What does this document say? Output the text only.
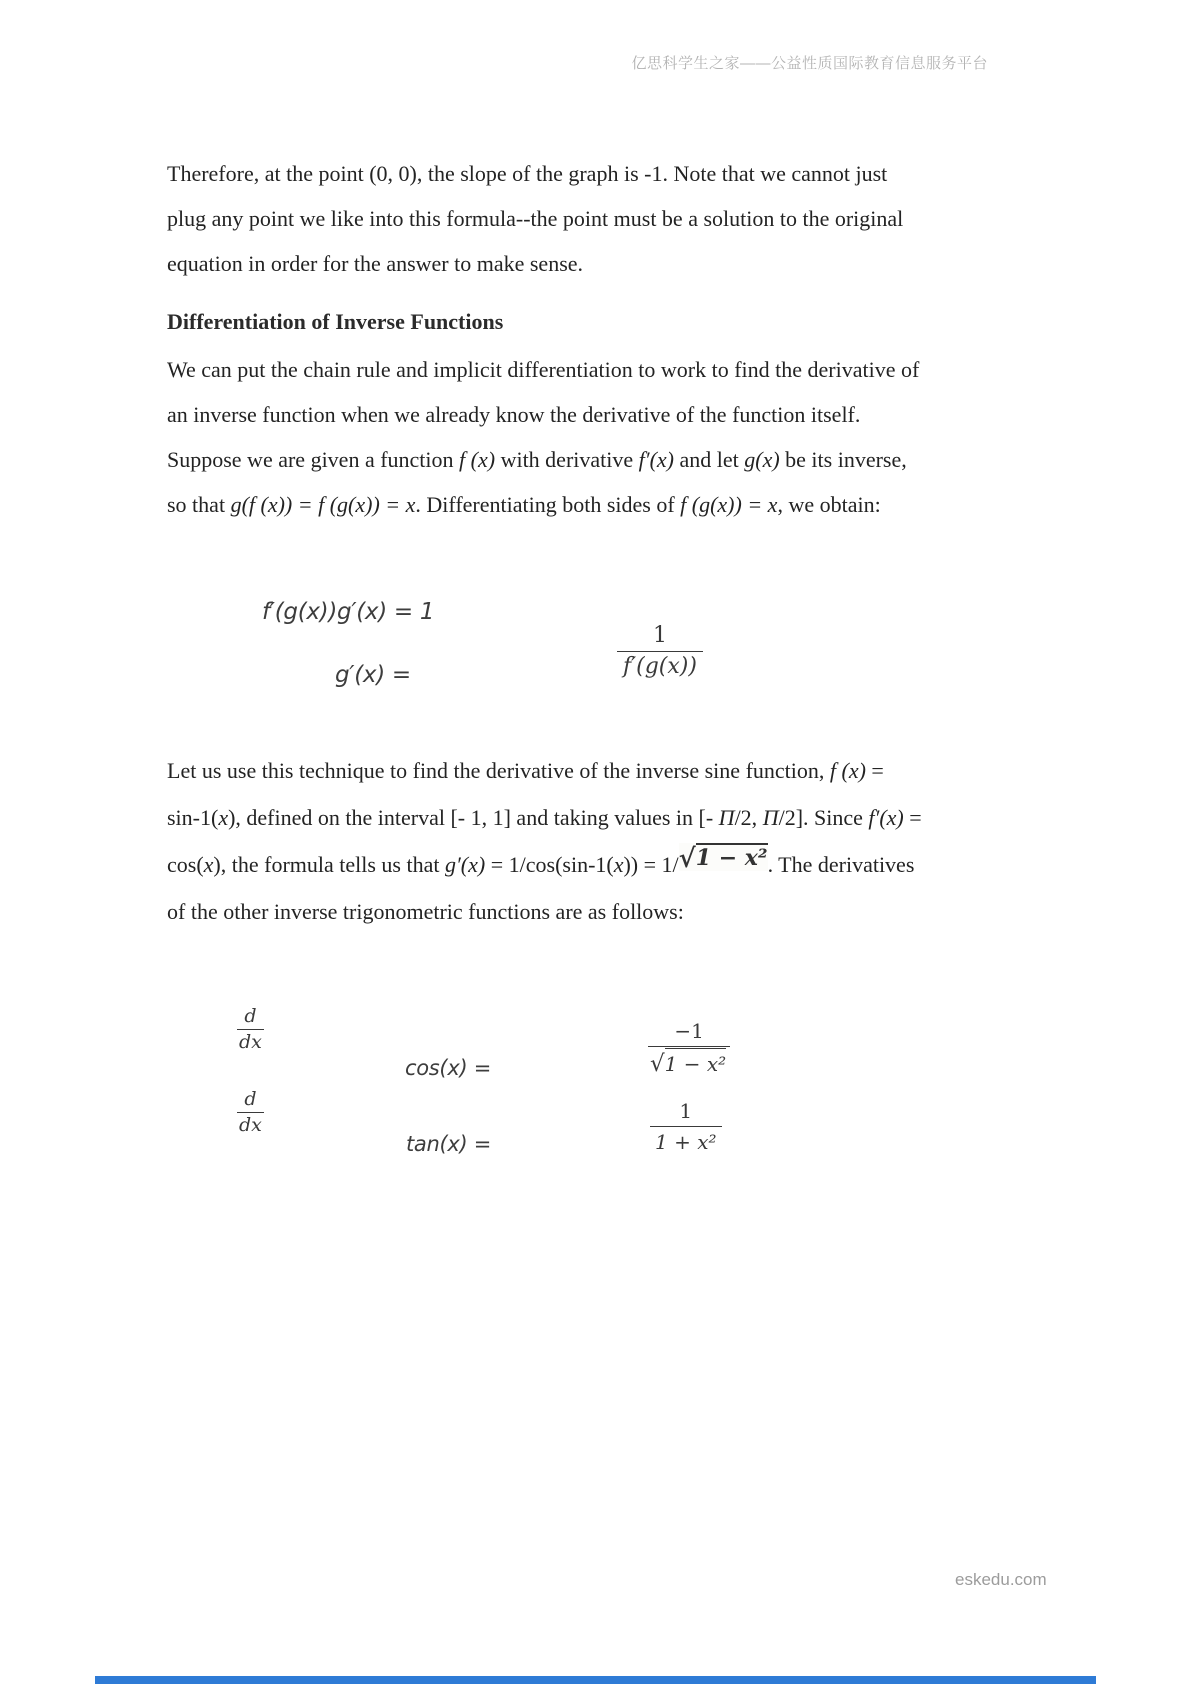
亿思科学生之家——公益性质国际教育信息服务平台
Therefore, at the point (0, 0), the slope of the graph is -1. Note that we cannot just
plug any point we like into this formula--the point must be a solution to the original
equation in order for the answer to make sense.
Differentiation of Inverse Functions
We can put the chain rule and implicit differentiation to work to find the derivative of
an inverse function when we already know the derivative of the function itself.
Suppose we are given a function f (x) with derivative f′(x) and let g(x) be its inverse,
so that g(f (x)) = f (g(x)) = x. Differentiating both sides of f (g(x)) = x, we obtain:
f′(g(x))g′(x) = 1
g′(x) =	$\frac{1}{f'(g(x))}$
Let us use this technique to find the derivative of the inverse sine function, f (x) =
sin-1(x), defined on the interval [- 1, 1] and taking values in [- Π/2, Π/2]. Since f′(x) =
cos(x), the formula tells us that g′(x) = 1/cos(sin-1(x)) = 1/√1 − x². The derivatives
of the other inverse trigonometric functions are as follows:
$\frac{d}{dx}$
$\frac{d}{dx}$
cos(x) =
tan(x) =
$\frac{-1}{\text{√1 − x²}}$
$\frac{1}{\text{1 + x²}}$
eskedu.com
